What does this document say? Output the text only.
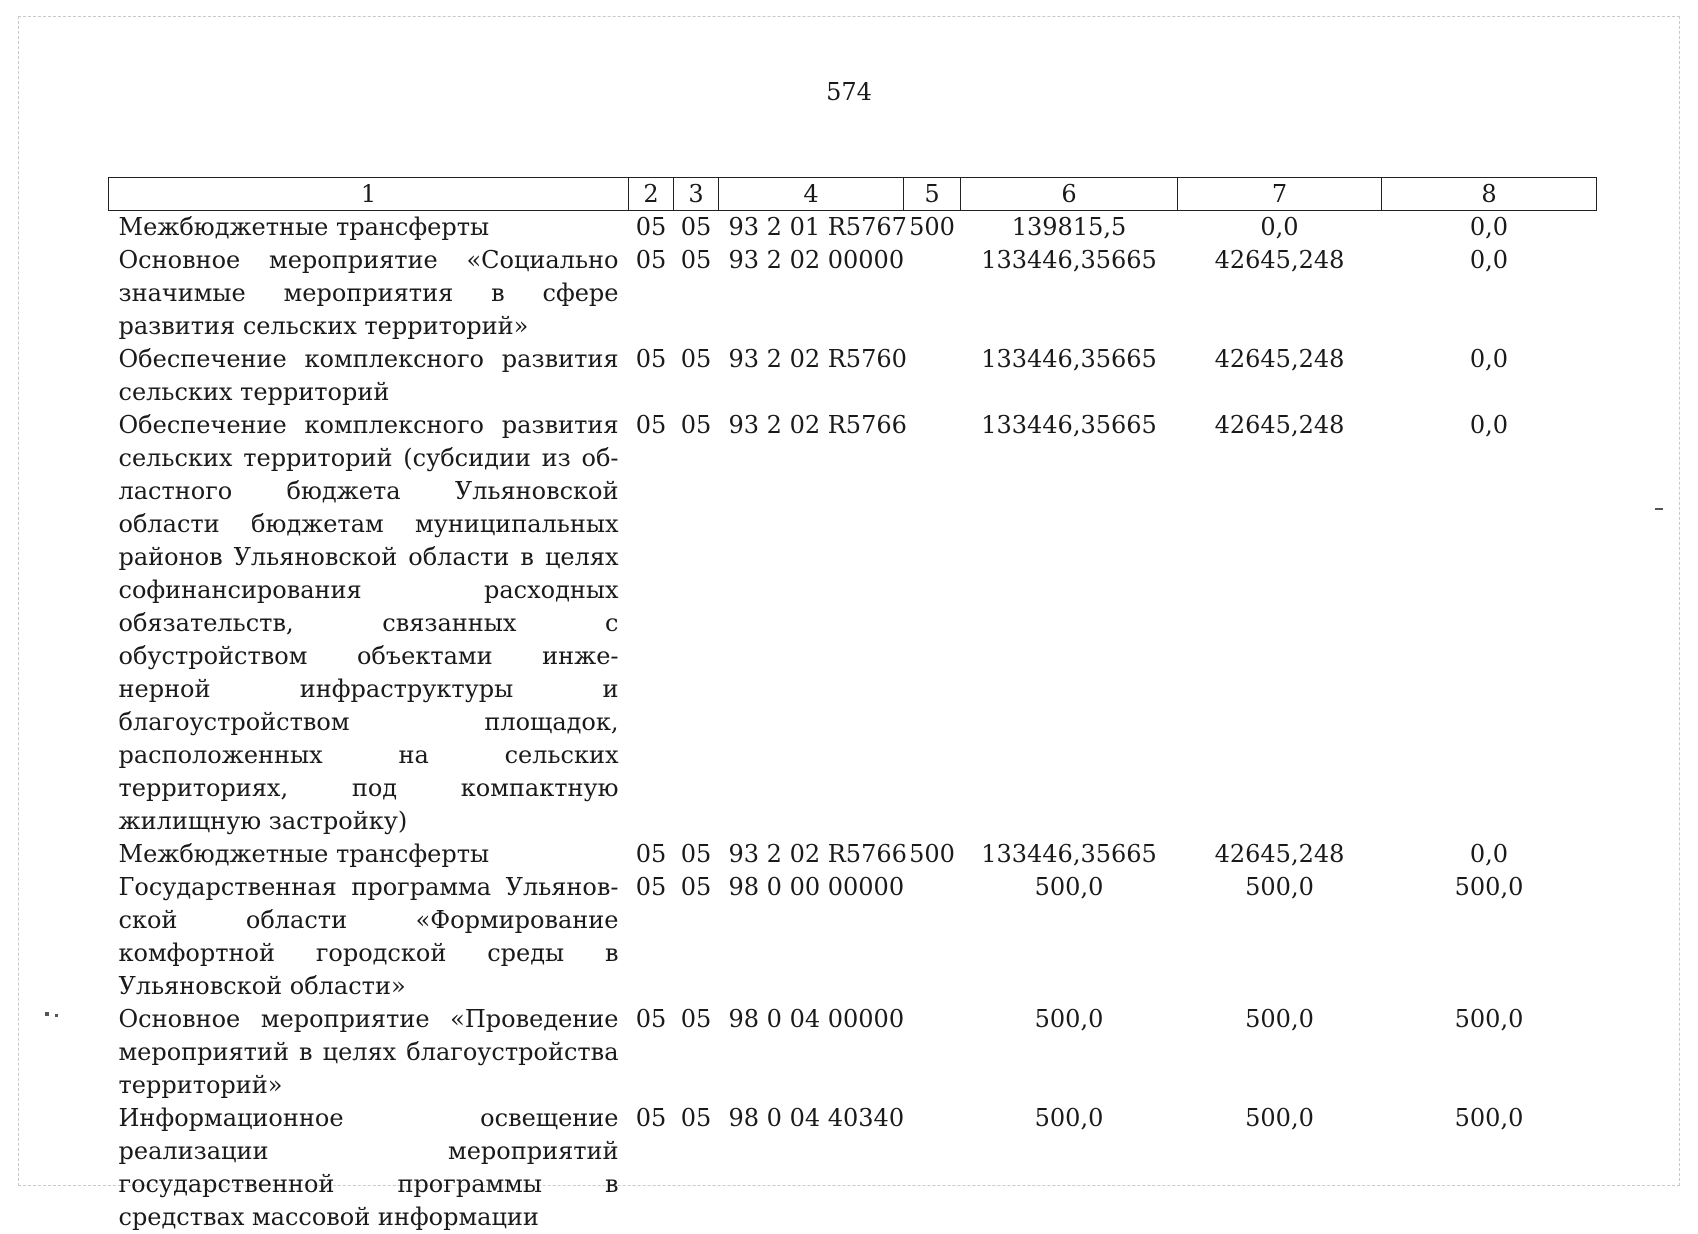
574
1	2	3	4	5	6	7	8
Межбюджетные трансферты	05	05	93 2 01 R5767	500	139815,5	0,0	0,0
Основное мероприятие «Социально значимые мероприятия в сфере развития сельских территорий»	05	05	93 2 02 00000		133446,35665	42645,248	0,0
Обеспечение комплексного развития сельских территорий	05	05	93 2 02 R5760		133446,35665	42645,248	0,0
Обеспечение комплексного развития сельских территорий (субсидии из областного бюджета Ульяновской области бюджетам муниципальных районов Ульяновской области в целях софинансирования расходных обязательств, связанных с обустройством объектами инженерной инфраструктуры и благоустройством площадок, расположенных на сельских территориях, под компактную жилищную застройку)	05	05	93 2 02 R5766		133446,35665	42645,248	0,0
Межбюджетные трансферты	05	05	93 2 02 R5766	500	133446,35665	42645,248	0,0
Государственная программа Ульяновской области «Формирование комфортной городской среды в Ульяновской области»	05	05	98 0 00 00000		500,0	500,0	500,0
Основное мероприятие «Проведение мероприятий в целях благоустройства территорий»	05	05	98 0 04 00000		500,0	500,0	500,0
Информационное освещение реализации мероприятий государственной программы в средствах массовой информации	05	05	98 0 04 40340		500,0	500,0	500,0
